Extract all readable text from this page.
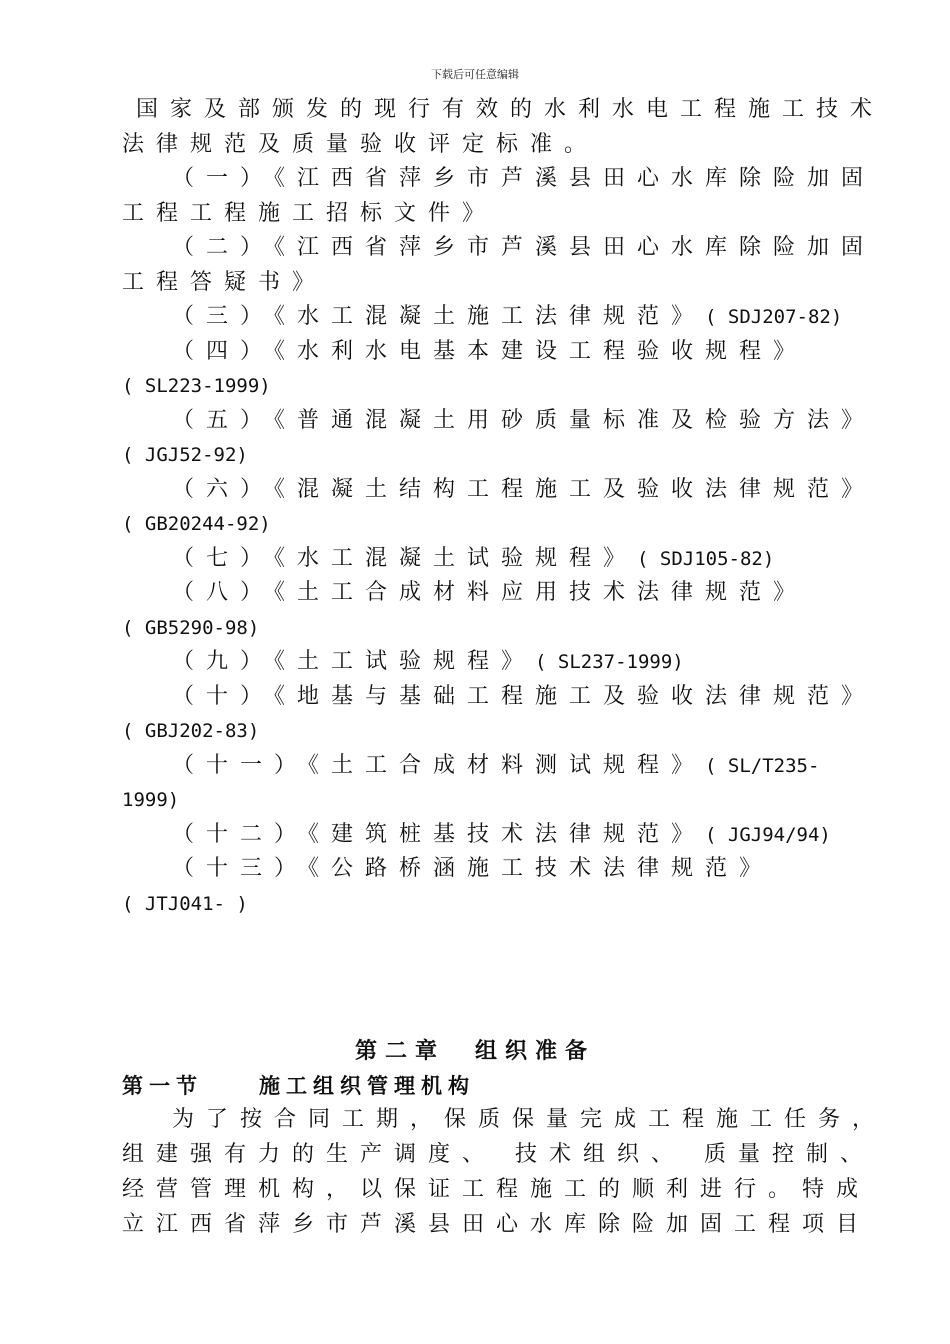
下载后可任意编辑
国家及部颁发的现行有效的水利水电工程施工技术
法律规范及质量验收评定标准。
（一）《江西省萍乡市芦溪县田心水库除险加固
工程工程施工招标文件》
（二）《江西省萍乡市芦溪县田心水库除险加固
工程答疑书》
（三）《水工混凝土施工法律规范》( SDJ207-82)
（四）《水利水电基本建设工程验收规程》
( SL223-1999)
（五）《普通混凝土用砂质量标准及检验方法》
( JGJ52-92)
（六）《混凝土结构工程施工及验收法律规范》
( GB20244-92)
（七）《水工混凝土试验规程》( SDJ105-82)
（八）《土工合成材料应用技术法律规范》
( GB5290-98)
（九）《土工试验规程》( SL237-1999)
（十）《地基与基础工程施工及验收法律规范》
( GBJ202-83)
（十一）《土工合成材料测试规程》( SL/T235-
1999)
（十二）《建筑桩基技术法律规范》( JGJ94/94)
（十三）《公路桥涵施工技术法律规范》
( JTJ041- )
第二章　组织准备
第一节	施工组织管理机构
为了按合同工期，保质保量完成工程施工任务，
组建强有力的生产调度、 技术组织、 质量控制、
经营管理机构，以保证工程施工的顺利进行。特成
立江西省萍乡市芦溪县田心水库除险加固工程项目
